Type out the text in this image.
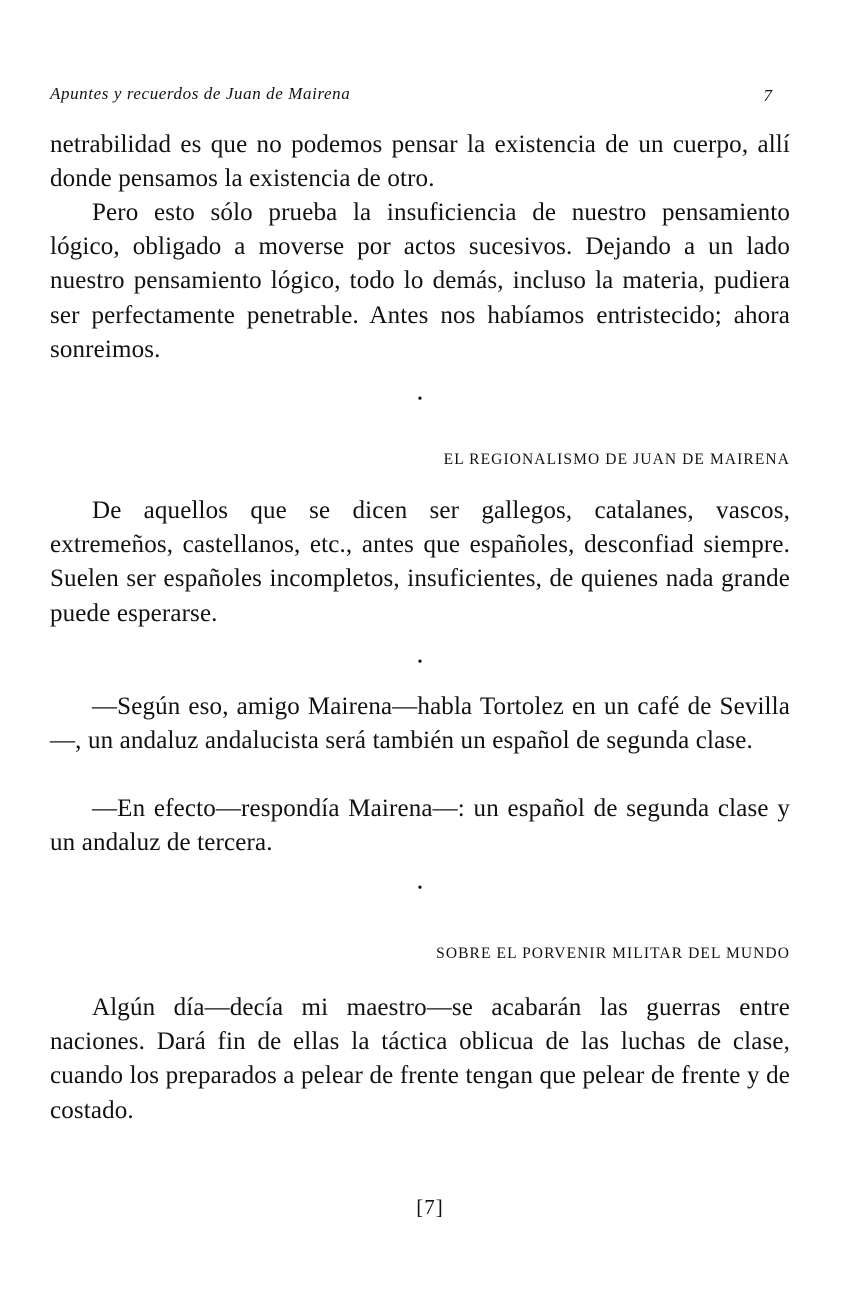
Apuntes y recuerdos de Juan de Mairena	7

netrabilidad es que no podemos pensar la existencia de un cuerpo, allí donde pensamos la existencia de otro.

Pero esto sólo prueba la insuficiencia de nuestro pensamiento lógico, obligado a moverse por actos sucesivos. Dejando a un lado nuestro pensamiento lógico, todo lo demás, incluso la materia, pudiera ser perfectamente penetrable. Antes nos habíamos entristecido; ahora sonreimos.

•
EL REGIONALISMO DE JUAN DE MAIRENA

De aquellos que se dicen ser gallegos, catalanes, vascos, extremeños, castellanos, etc., antes que españoles, desconfiad siempre. Suelen ser españoles incompletos, insuficientes, de quienes nada grande puede esperarse.

•

—Según eso, amigo Mairena—habla Tortolez en un café de Sevilla—, un andaluz andalucista será también un español de segunda clase.

—En efecto—respondía Mairena—: un español de segunda clase y un andaluz de tercera.

•
SOBRE EL PORVENIR MILITAR DEL MUNDO

Algún día—decía mi maestro—se acabarán las guerras entre naciones. Dará fin de ellas la táctica oblicua de las luchas de clase, cuando los preparados a pelear de frente tengan que pelear de frente y de costado.

[7]
